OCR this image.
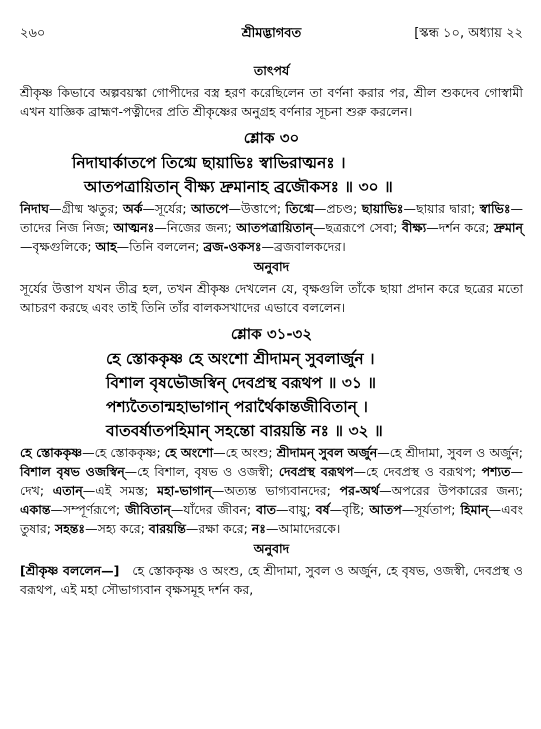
২৬০	শ্রীমদ্ভাগবত	[স্কন্ধ ১০, অধ্যায় ২২
তাৎপর্য

শ্রীকৃষ্ণ কিভাবে অল্পবয়স্কা গোপীদের বস্ত্র হরণ করেছিলেন তা বর্ণনা করার পর, শ্রীল শুকদেব গোস্বামী এখন যাজ্ঞিক ব্রাহ্মণ-পত্নীদের প্রতি শ্রীকৃষ্ণের অনুগ্রহ বর্ণনার সূচনা শুরু করলেন।

শ্লোক ৩০
নিদাঘার্কাতপে তিগ্মে ছায়াভিঃ স্বাভিরাত্মনঃ ।
আতপত্রায়িতান্‌ বীক্ষ্য দ্রুমানাহ ব্রজৌকসঃ ॥ ৩০ ॥

নিদাঘ—গ্রীষ্ম ঋতুর; অর্ক—সূর্যের; আতপে—উত্তাপে; তিগ্মে—প্রচণ্ড; ছায়াভিঃ—ছায়ার দ্বারা; স্বাভিঃ—তাদের নিজ নিজ; আত্মনঃ—নিজের জন্য; আতপত্রায়িতান্—ছত্ররূপে সেবা; বীক্ষ্য—দর্শন করে; দ্রুমান্—বৃক্ষগুলিকে; আহ—তিনি বললেন; ব্রজ-ওকসঃ—ব্রজবালকদের।

অনুবাদ

সূর্যের উত্তাপ যখন তীব্র হল, তখন শ্রীকৃষ্ণ দেখলেন যে, বৃক্ষগুলি তাঁকে ছায়া প্রদান করে ছত্রের মতো আচরণ করছে এবং তাই তিনি তাঁর বালকসখাদের এভাবে বললেন।

শ্লোক ৩১-৩২
হে স্তোককৃষ্ণ হে অংশো শ্রীদামন্ সুবলার্জুন ।
বিশাল বৃষভৌজস্বিন্ দেবপ্রস্থ বরূথপ ॥ ৩১ ॥
পশ্যতৈতান্মহাভাগান্ পরার্থৈকান্তজীবিতান্ ।
বাতবর্ষাতপহিমান্ সহন্তো বারয়ন্তি নঃ ॥ ৩২ ॥

হে স্তোককৃষ্ণ—হে স্তোককৃষ্ণ; হে অংশো—হে অংশু; শ্রীদামন্ সুবল অর্জুন—হে শ্রীদামা, সুবল ও অর্জুন; বিশাল বৃষভ ওজস্বিন্—হে বিশাল, বৃষভ ও ওজস্বী; দেবপ্রস্থ বরূথপ—হে দেবপ্রস্থ ও বরূথপ; পশ্যত—দেখ; এতান্—এই সমস্ত; মহা-ভাগান্—অত্যন্ত ভাগ্যবানদের; পর-অর্থ—অপরের উপকারের জন্য; একান্ত—সম্পূর্ণরূপে; জীবিতান্—যাঁদের জীবন; বাত—বায়ু; বর্ষ—বৃষ্টি; আতপ—সূর্যতাপ; হিমান্—এবং তুষার; সহন্তঃ—সহ্য করে; বারয়ন্তি—রক্ষা করে; নঃ—আমাদেরকে।

অনুবাদ

[শ্রীকৃষ্ণ বললেন—] হে স্তোককৃষ্ণ ও অংশু, হে শ্রীদামা, সুবল ও অর্জুন, হে বৃষভ, ওজস্বী, দেবপ্রস্থ ও বরূথপ, এই মহা সৌভাগ্যবান বৃক্ষসমূহ দর্শন কর,
